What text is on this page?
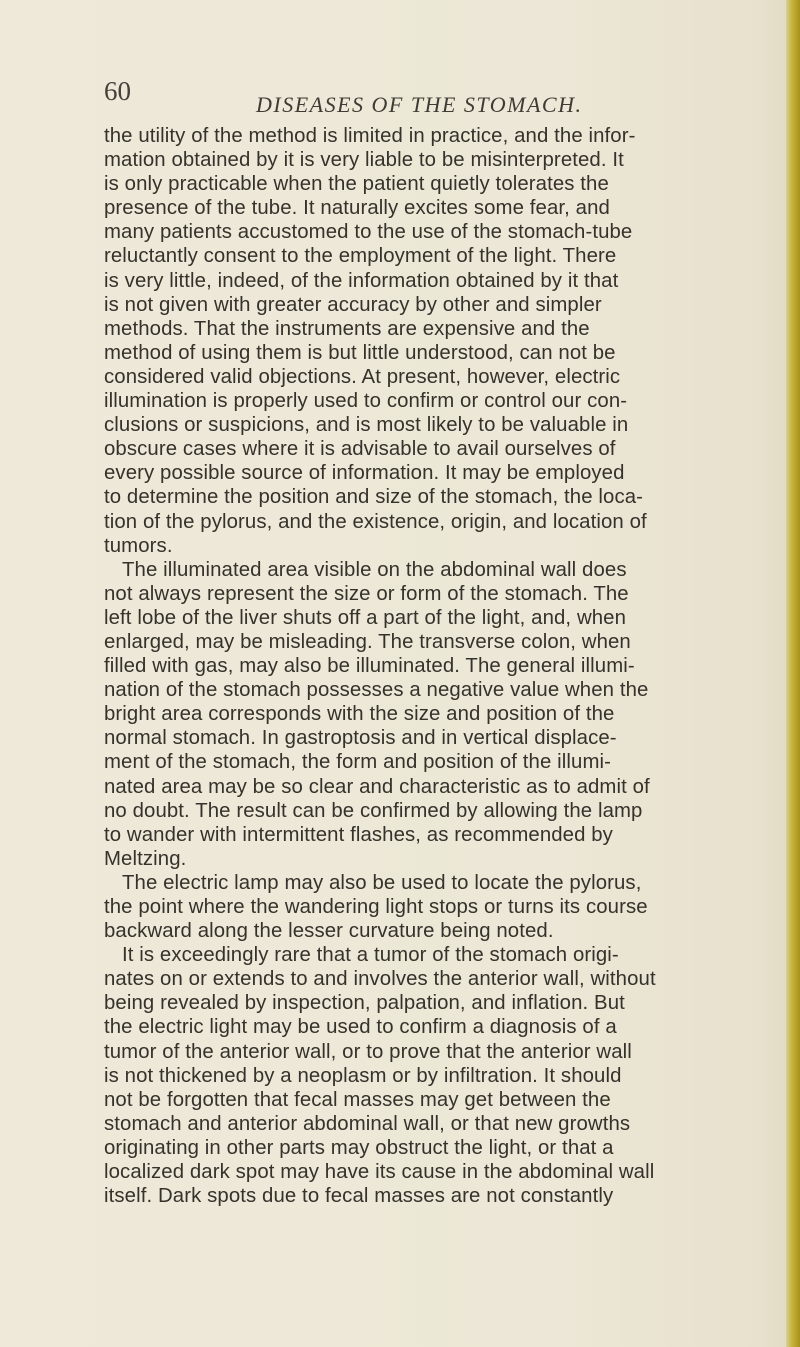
60	DISEASES OF THE STOMACH.
the utility of the method is limited in practice, and the infor-
mation obtained by it is very liable to be misinterpreted. It
is only practicable when the patient quietly tolerates the
presence of the tube. It naturally excites some fear, and
many patients accustomed to the use of the stomach-tube
reluctantly consent to the employment of the light. There
is very little, indeed, of the information obtained by it that
is not given with greater accuracy by other and simpler
methods. That the instruments are expensive and the
method of using them is but little understood, can not be
considered valid objections. At present, however, electric
illumination is properly used to confirm or control our con-
clusions or suspicions, and is most likely to be valuable in
obscure cases where it is advisable to avail ourselves of
every possible source of information. It may be employed
to determine the position and size of the stomach, the loca-
tion of the pylorus, and the existence, origin, and location of
tumors.
The illuminated area visible on the abdominal wall does
not always represent the size or form of the stomach. The
left lobe of the liver shuts off a part of the light, and, when
enlarged, may be misleading. The transverse colon, when
filled with gas, may also be illuminated. The general illumi-
nation of the stomach possesses a negative value when the
bright area corresponds with the size and position of the
normal stomach. In gastroptosis and in vertical displace-
ment of the stomach, the form and position of the illumi-
nated area may be so clear and characteristic as to admit of
no doubt. The result can be confirmed by allowing the lamp
to wander with intermittent flashes, as recommended by
Meltzing.
The electric lamp may also be used to locate the pylorus,
the point where the wandering light stops or turns its course
backward along the lesser curvature being noted.
It is exceedingly rare that a tumor of the stomach origi-
nates on or extends to and involves the anterior wall, without
being revealed by inspection, palpation, and inflation. But
the electric light may be used to confirm a diagnosis of a
tumor of the anterior wall, or to prove that the anterior wall
is not thickened by a neoplasm or by infiltration. It should
not be forgotten that fecal masses may get between the
stomach and anterior abdominal wall, or that new growths
originating in other parts may obstruct the light, or that a
localized dark spot may have its cause in the abdominal wall
itself. Dark spots due to fecal masses are not constantly
